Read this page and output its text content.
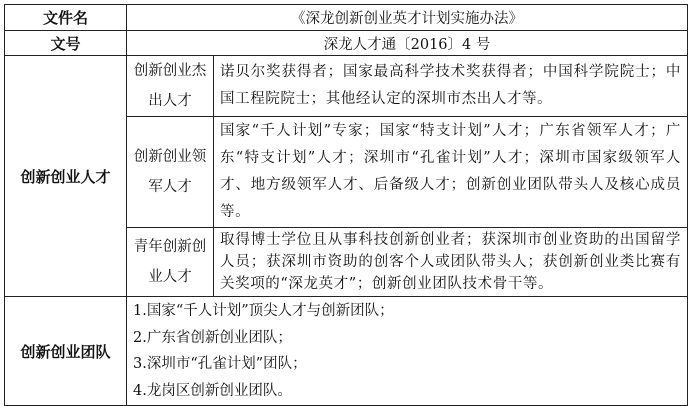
文件名	《深龙创新创业英才计划实施办法》	
文号	深龙人才通〔2016〕4 号	
创新创业人才	创新创业杰出人才	诺贝尔奖获得者；国家最高科学技术奖获得者；中国科学院院士；中国工程院院士；其他经认定的深圳市杰出人才等。
	创新创业领军人才	国家“千人计划”专家；国家“特支计划”人才；广东省领军人才；广东“特支计划”人才；深圳市“孔雀计划”人才；深圳市国家级领军人才、地方级领军人才、后备级人才；创新创业团队带头人及核心成员等。
	青年创新创业人才	取得博士学位且从事科技创新创业者；获深圳市创业资助的出国留学人员；获深圳市资助的创客个人或团队带头人；获创新创业类比赛有关奖项的“深龙英才”；创新创业团队技术骨干等。
创新创业团队	1.国家“千人计划”顶尖人才与创新团队；
2.广东省创新创业团队；
3.深圳市“孔雀计划”团队；
4.龙岗区创新创业团队。	
